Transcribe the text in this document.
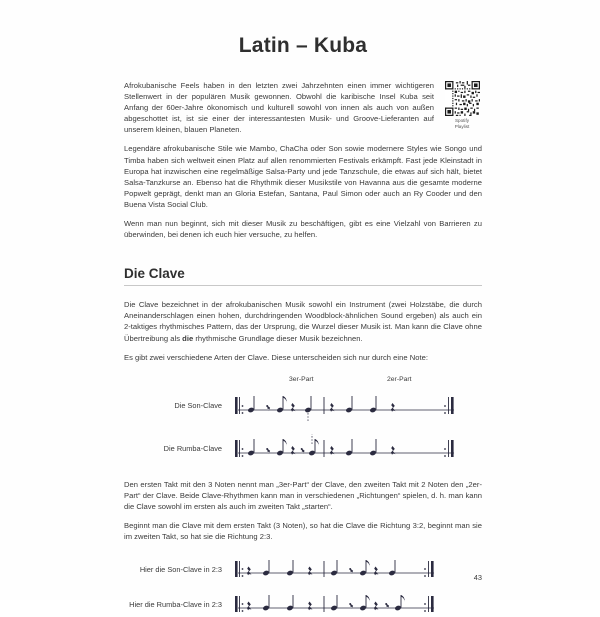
Latin – Kuba
Spotify
Playlist

Afrokubanische Feels haben in den letzten zwei Jahrzehnten einen immer wichtigeren Stellenwert in der populären Musik gewonnen. Obwohl die karibische Insel Kuba seit Anfang der 60er-Jahre ökonomisch und kulturell sowohl von innen als auch von außen abgeschottet ist, ist sie einer der interessantesten Musik- und Groove-Lieferanten auf unserem kleinen, blauen Planeten.

Legendäre afrokubanische Stile wie Mambo, ChaCha oder Son sowie modernere Styles wie Songo und Timba haben sich weltweit einen Platz auf allen renommierten Festivals erkämpft. Fast jede Kleinstadt in Europa hat inzwischen eine regelmäßige Salsa-Party und jede Tanzschule, die etwas auf sich hält, bietet Salsa-Tanzkurse an. Ebenso hat die Rhythmik dieser Musikstile von Havanna aus die gesamte moderne Popwelt geprägt, denkt man an Gloria Estefan, Santana, Paul Simon oder auch an Ry Cooder und den Buena Vista Social Club.

Wenn man nun beginnt, sich mit dieser Musik zu beschäftigen, gibt es eine Vielzahl von Barrieren zu überwinden, bei denen ich euch hier versuche, zu helfen.

Die Clave

Die Clave bezeichnet in der afrokubanischen Musik sowohl ein Instrument (zwei Holzstäbe, die durch Aneinanderschlagen einen hohen, durchdringenden Woodblock-ähnlichen Sound ergeben) als auch ein 2-taktiges rhythmisches Pattern, das der Ursprung, die Wurzel dieser Musik ist. Man kann die Clave ohne Übertreibung als die rhythmische Grundlage dieser Musik bezeichnen.

Es gibt zwei verschiedene Arten der Clave. Diese unterscheiden sich nur durch eine Note:

3er-Part	2er-Part
Die Son-Clave
Die Rumba-Clave

Den ersten Takt mit den 3 Noten nennt man „3er-Part“ der Clave, den zweiten Takt mit 2 Noten den „2er-Part“ der Clave. Beide Clave-Rhythmen kann man in verschiedenen „Richtungen“ spielen, d. h. man kann die Clave sowohl im ersten als auch im zweiten Takt „starten“.

Beginnt man die Clave mit dem ersten Takt (3 Noten), so hat die Clave die Richtung 3:2, beginnt man sie im zweiten Takt, so hat sie die Richtung 2:3.

Hier die Son-Clave in 2:3
Hier die Rumba-Clave in 2:3
43
